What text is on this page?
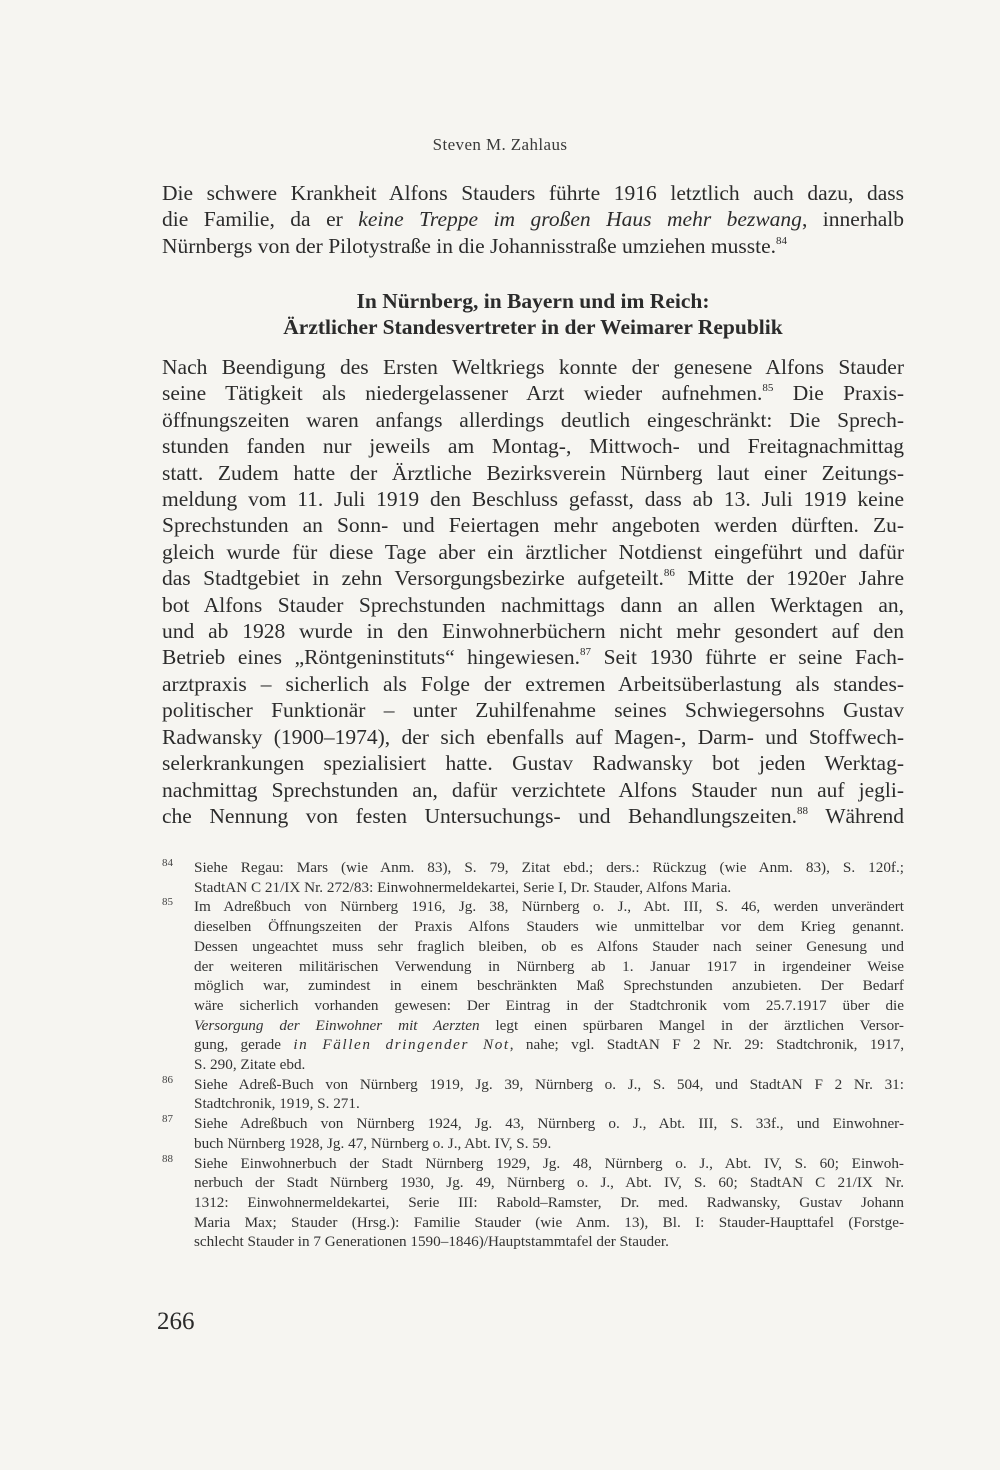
Steven M. Zahlaus
Die schwere Krankheit Alfons Stauders führte 1916 letztlich auch dazu, dass
die Familie, da er keine Treppe im großen Haus mehr bezwang, innerhalb
Nürnbergs von der Pilotystraße in die Johannisstraße umziehen musste.$^{84}$
In Nürnberg, in Bayern und im Reich:
Ärztlicher Standesvertreter in der Weimarer Republik
Nach Beendigung des Ersten Weltkriegs konnte der genesene Alfons Stauder
seine Tätigkeit als niedergelassener Arzt wieder aufnehmen.$^{85}$ Die Praxis-
öffnungszeiten waren anfangs allerdings deutlich eingeschränkt: Die Sprech-
stunden fanden nur jeweils am Montag-, Mittwoch- und Freitagnachmittag
statt. Zudem hatte der Ärztliche Bezirksverein Nürnberg laut einer Zeitungs-
meldung vom 11. Juli 1919 den Beschluss gefasst, dass ab 13. Juli 1919 keine
Sprechstunden an Sonn- und Feiertagen mehr angeboten werden dürften. Zu-
gleich wurde für diese Tage aber ein ärztlicher Notdienst eingeführt und dafür
das Stadtgebiet in zehn Versorgungsbezirke aufgeteilt.$^{86}$ Mitte der 1920er Jahre
bot Alfons Stauder Sprechstunden nachmittags dann an allen Werktagen an,
und ab 1928 wurde in den Einwohnerbüchern nicht mehr gesondert auf den
Betrieb eines „Röntgeninstituts“ hingewiesen.$^{87}$ Seit 1930 führte er seine Fach-
arztpraxis – sicherlich als Folge der extremen Arbeitsüberlastung als standes-
politischer Funktionär – unter Zuhilfenahme seines Schwiegersohns Gustav
Radwansky (1900–1974), der sich ebenfalls auf Magen-, Darm- und Stoffwech-
selerkrankungen spezialisiert hatte. Gustav Radwansky bot jeden Werktag-
nachmittag Sprechstunden an, dafür verzichtete Alfons Stauder nun auf jegli-
che Nennung von festen Untersuchungs- und Behandlungszeiten.$^{88}$ Während
84 Siehe Regau: Mars (wie Anm. 83), S. 79, Zitat ebd.; ders.: Rückzug (wie Anm. 83), S. 120f.;
StadtAN C 21/IX Nr. 272/83: Einwohnermeldekartei, Serie I, Dr. Stauder, Alfons Maria.
85 Im Adreßbuch von Nürnberg 1916, Jg. 38, Nürnberg o. J., Abt. III, S. 46, werden unverändert
dieselben Öffnungszeiten der Praxis Alfons Stauders wie unmittelbar vor dem Krieg genannt.
Dessen ungeachtet muss sehr fraglich bleiben, ob es Alfons Stauder nach seiner Genesung und
der weiteren militärischen Verwendung in Nürnberg ab 1. Januar 1917 in irgendeiner Weise
möglich war, zumindest in einem beschränkten Maß Sprechstunden anzubieten. Der Bedarf
wäre sicherlich vorhanden gewesen: Der Eintrag in der Stadtchronik vom 25.7.1917 über die
Versorgung der Einwohner mit Aerzten legt einen spürbaren Mangel in der ärztlichen Versor-
gung, gerade in Fällen dringender Not, nahe; vgl. StadtAN F 2 Nr. 29: Stadtchronik, 1917,
S. 290, Zitate ebd.
86 Siehe Adreß-Buch von Nürnberg 1919, Jg. 39, Nürnberg o. J., S. 504, und StadtAN F 2 Nr. 31:
Stadtchronik, 1919, S. 271.
87 Siehe Adreßbuch von Nürnberg 1924, Jg. 43, Nürnberg o. J., Abt. III, S. 33f., und Einwohner-
buch Nürnberg 1928, Jg. 47, Nürnberg o. J., Abt. IV, S. 59.
88 Siehe Einwohnerbuch der Stadt Nürnberg 1929, Jg. 48, Nürnberg o. J., Abt. IV, S. 60; Einwoh-
nerbuch der Stadt Nürnberg 1930, Jg. 49, Nürnberg o. J., Abt. IV, S. 60; StadtAN C 21/IX Nr.
1312: Einwohnermeldekartei, Serie III: Rabold–Ramster, Dr. med. Radwansky, Gustav Johann
Maria Max; Stauder (Hrsg.): Familie Stauder (wie Anm. 13), Bl. I: Stauder-Haupttafel (Forstge-
schlecht Stauder in 7 Generationen 1590–1846)/Hauptstammtafel der Stauder.
266
